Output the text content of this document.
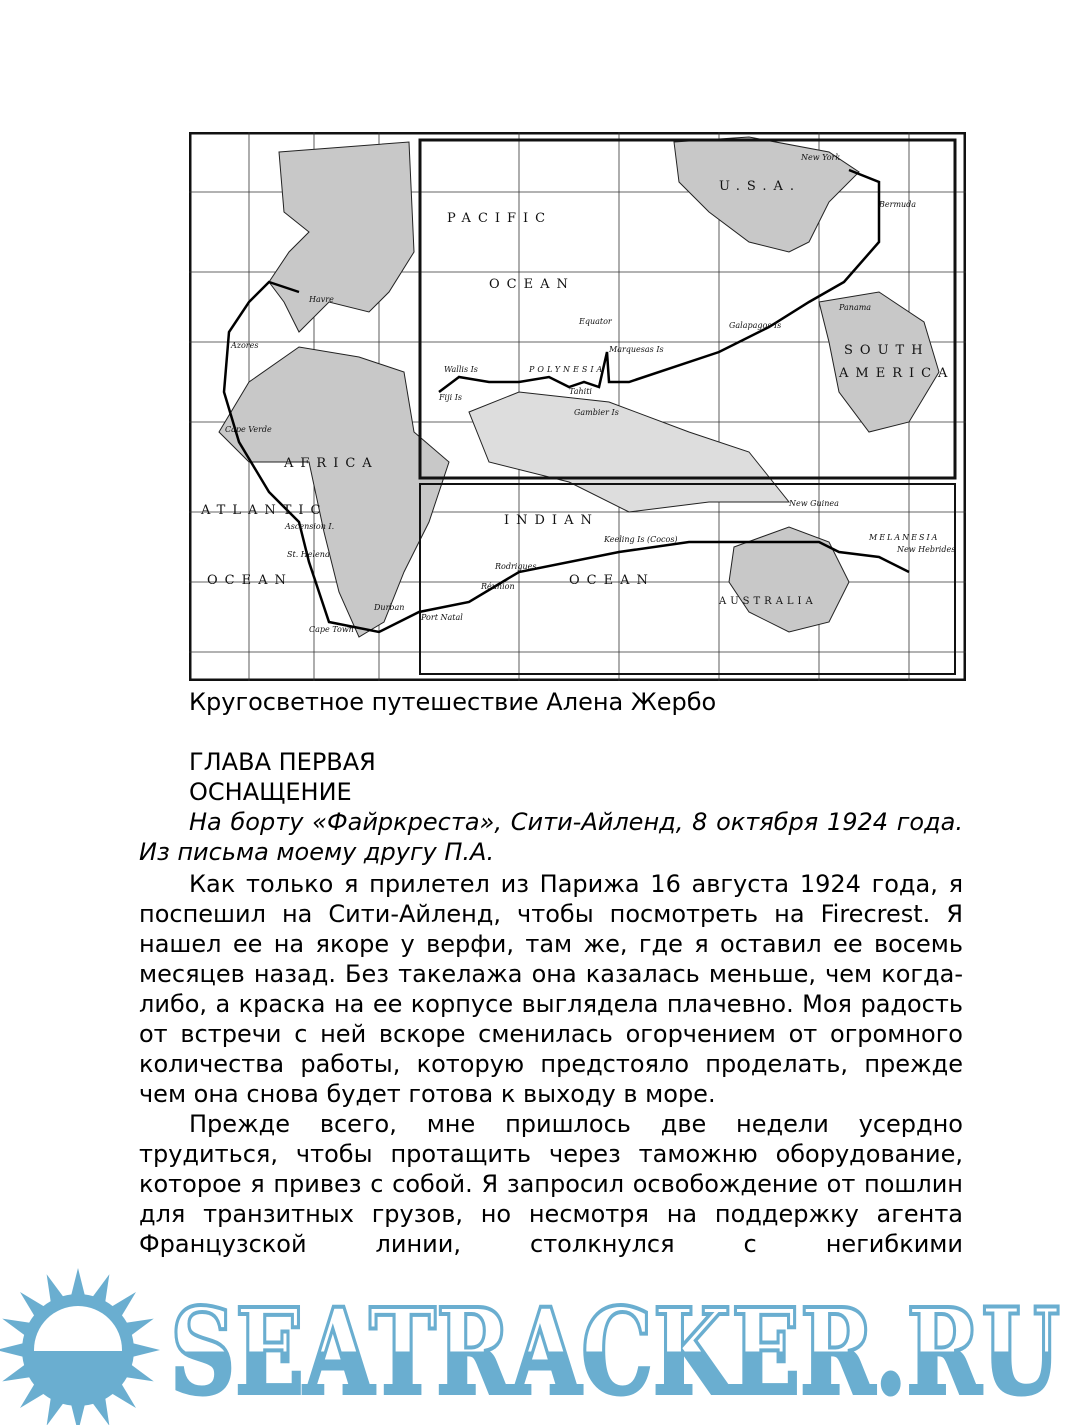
PACIFIC
OCEAN
U.S.A.
SOUTH
AMERICA
AFRICA
ATLANTIC
OCEAN
INDIAN
OCEAN
AUSTRALIA
POLYNESIA
MELANESIA
New Guinea
New York
Bermuda
Panama
Galapagos Is
Marquesas Is
Tahiti
Gambier Is
Fiji Is
Wallis Is
Havre
Azores
Cape Verde
Ascension I.
St. Helena
Cape Town
Durban
Port Natal
Réunion
Rodrigues
Keeling Is (Cocos)
New Hebrides
Equator
Кругосветное путешествие Алена Жербо
ГЛАВА ПЕРВАЯ
ОСНАЩЕНИЕ

На борту «Файркреста», Сити-Айленд, 8 октября 1924 года. Из письма моему другу П.А.

Как только я прилетел из Парижа 16 августа 1924 года, я поспешил на Сити-Айленд, чтобы посмотреть на Firecrest. Я нашел ее на якоре у верфи, там же, где я оставил ее восемь месяцев назад. Без такелажа она казалась меньше, чем когда-либо, а краска на ее корпусе выглядела плачевно. Моя радость от встречи с ней вскоре сменилась огорчением от огромного количества работы, которую предстояло проделать, прежде чем она снова будет готова к выходу в море.

Прежде всего, мне пришлось две недели усердно трудиться, чтобы протащить через таможню оборудование, которое я привез с собой. Я запросил освобождение от пошлин для транзитных грузов, но несмотря на поддержку агента Французской линии, столкнулся с негибкими

SEATRACKER.RU
